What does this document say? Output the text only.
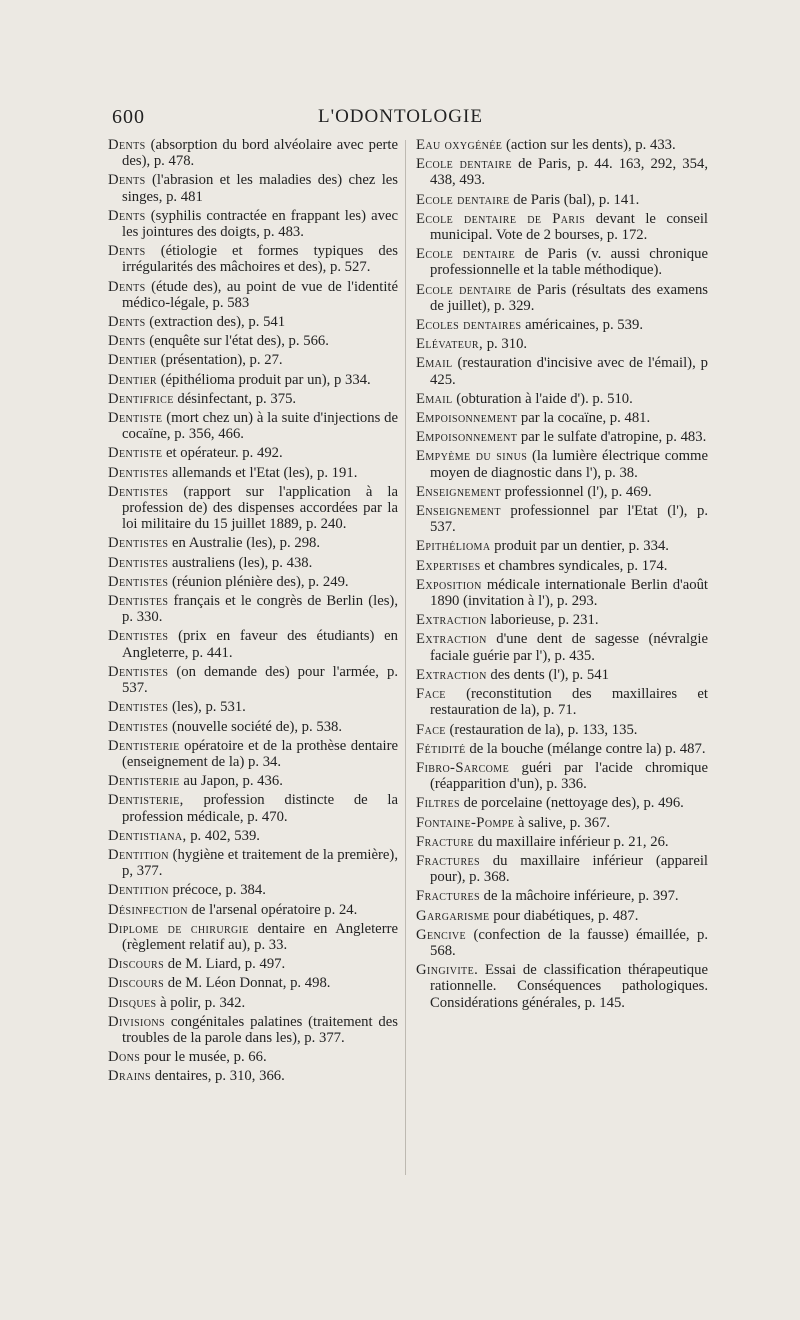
600	L'ODONTOLOGIE
Dents (absorption du bord alvéolaire avec perte des), p. 478.
Dents (l'abrasion et les maladies des) chez les singes, p. 481
Dents (syphilis contractée en frappant les) avec les jointures des doigts, p. 483.
Dents (étiologie et formes typiques des irrégularités des mâchoires et des), p. 527.
Dents (étude des), au point de vue de l'identité médico-légale, p. 583
Dents (extraction des), p. 541
Dents (enquête sur l'état des), p. 566.
Dentier (présentation), p. 27.
Dentier (épithélioma produit par un), p 334.
Dentifrice désinfectant, p. 375.
Dentiste (mort chez un) à la suite d'injections de cocaïne, p. 356, 466.
Dentiste et opérateur. p. 492.
Dentistes allemands et l'Etat (les), p. 191.
Dentistes (rapport sur l'application à la profession de) des dispenses accordées par la loi militaire du 15 juillet 1889, p. 240.
Dentistes en Australie (les), p. 298.
Dentistes australiens (les), p. 438.
Dentistes (réunion plénière des), p. 249.
Dentistes français et le congrès de Berlin (les), p. 330.
Dentistes (prix en faveur des étudiants) en Angleterre, p. 441.
Dentistes (on demande des) pour l'armée, p. 537.
Dentistes (les), p. 531.
Dentistes (nouvelle société de), p. 538.
Dentisterie opératoire et de la prothèse dentaire (enseignement de la) p. 34.
Dentisterie au Japon, p. 436.
Dentisterie, profession distincte de la profession médicale, p. 470.
Dentistiana, p. 402, 539.
Dentition (hygiène et traitement de la première), p, 377.
Dentition précoce, p. 384.
Désinfection de l'arsenal opératoire p. 24.
Diplome de chirurgie dentaire en Angleterre (règlement relatif au), p. 33.
Discours de M. Liard, p. 497.
Discours de M. Léon Donnat, p. 498.
Disques à polir, p. 342.
Divisions congénitales palatines (traitement des troubles de la parole dans les), p. 377.
Dons pour le musée, p. 66.
Drains dentaires, p. 310, 366.
Eau oxygénée (action sur les dents), p. 433.
Ecole dentaire de Paris, p. 44. 163, 292, 354, 438, 493.
Ecole dentaire de Paris (bal), p. 141.
Ecole dentaire de Paris devant le conseil municipal. Vote de 2 bourses, p. 172.
Ecole dentaire de Paris (v. aussi chronique professionnelle et la table méthodique).
Ecole dentaire de Paris (résultats des examens de juillet), p. 329.
Ecoles dentaires américaines, p. 539.
Elévateur, p. 310.
Email (restauration d'incisive avec de l'émail), p 425.
Email (obturation à l'aide d'). p. 510.
Empoisonnement par la cocaïne, p. 481.
Empoisonnement par le sulfate d'atropine, p. 483.
Empyème du sinus (la lumière électrique comme moyen de diagnostic dans l'), p. 38.
Enseignement professionnel (l'), p. 469.
Enseignement professionnel par l'Etat (l'), p. 537.
Epithélioma produit par un dentier, p. 334.
Expertises et chambres syndicales, p. 174.
Exposition médicale internationale Berlin d'août 1890 (invitation à l'), p. 293.
Extraction laborieuse, p. 231.
Extraction d'une dent de sagesse (névralgie faciale guérie par l'), p. 435.
Extraction des dents (l'), p. 541
Face (reconstitution des maxillaires et restauration de la), p. 71.
Face (restauration de la), p. 133, 135.
Fétidité de la bouche (mélange contre la) p. 487.
Fibro-Sarcome guéri par l'acide chromique (réapparition d'un), p. 336.
Filtres de porcelaine (nettoyage des), p. 496.
Fontaine-Pompe à salive, p. 367.
Fracture du maxillaire inférieur p. 21, 26.
Fractures du maxillaire inférieur (appareil pour), p. 368.
Fractures de la mâchoire inférieure, p. 397.
Gargarisme pour diabétiques, p. 487.
Gencive (confection de la fausse) émaillée, p. 568.
Gingivite. Essai de classification thérapeutique rationnelle. Conséquences pathologiques. Considérations générales, p. 145.
